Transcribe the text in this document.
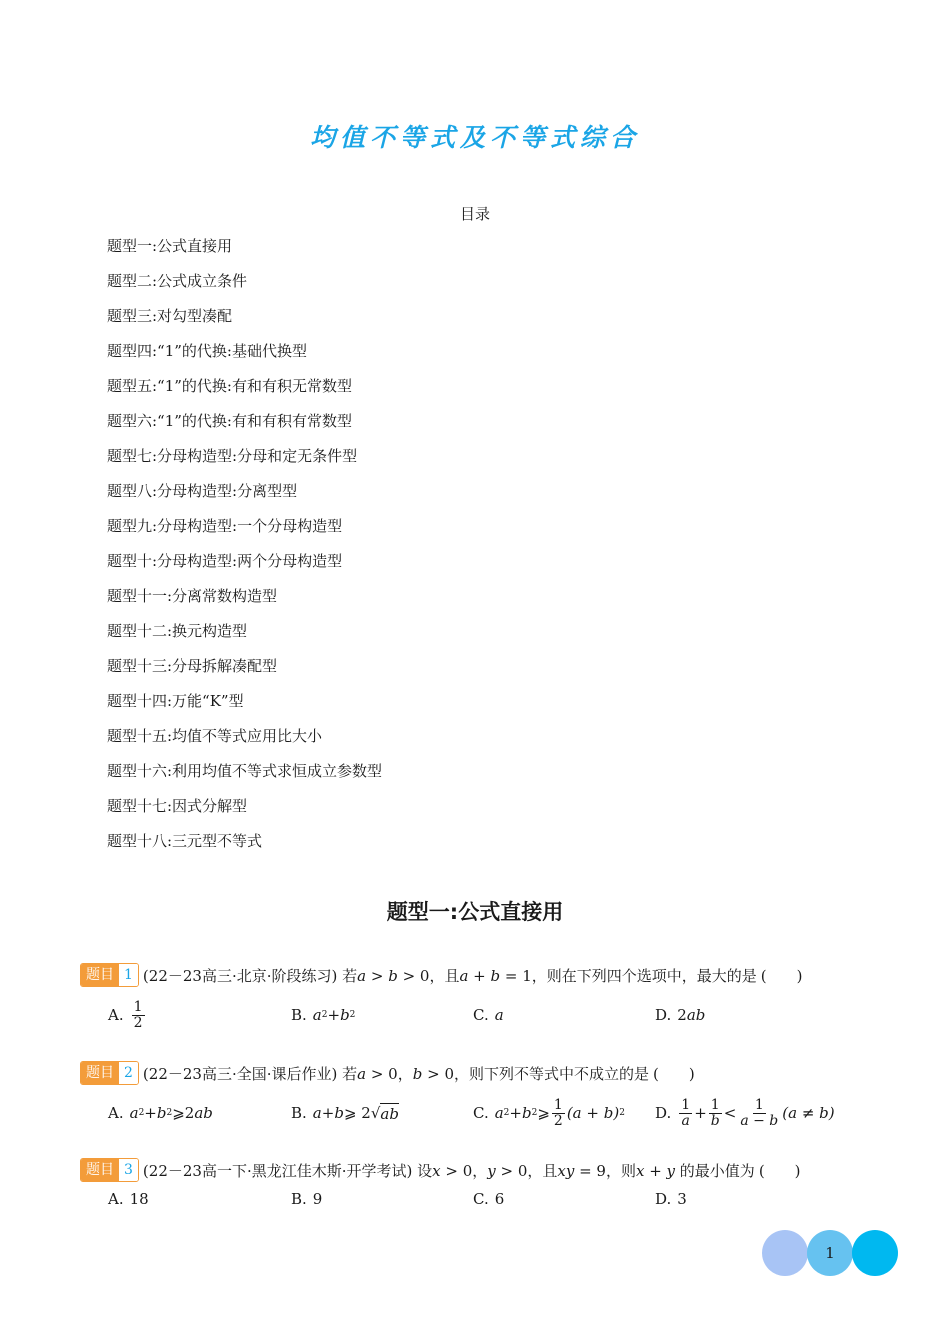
均值不等式及不等式综合
目录
题型一:公式直接用
题型二:公式成立条件
题型三:对勾型凑配
题型四:“1”的代换:基础代换型
题型五:“1”的代换:有和有积无常数型
题型六:“1”的代换:有和有积有常数型
题型七:分母构造型:分母和定无条件型
题型八:分母构造型:分离型型
题型九:分母构造型:一个分母构造型
题型十:分母构造型:两个分母构造型
题型十一:分离常数构造型
题型十二:换元构造型
题型十三:分母拆解凑配型
题型十四:万能“K”型
题型十五:均值不等式应用比大小
题型十六:利用均值不等式求恒成立参数型
题型十七:因式分解型
题型十八:三元型不等式
题型一:公式直接用
题目 1 (22－23高三·北京·阶段练习) 若a > b > 0，且a + b = 1，则在下列四个选项中，最大的是 (　　)
A. $\frac{1}{2}$	B. a 2 + b 2	C. a	D. 2 ab
题目 2 (22－23高三·全国·课后作业) 若a > 0，b > 0，则下列不等式中不成立的是 (　　)
A. a 2 + b 2 ⩾2 ab	B. a + b ⩾ 2 √ ab	C. a 2 + b 2 ⩾ $\frac{1}{2} (a + b)$ 2 D. $\frac{1}{a} + \frac{1}{b} < \frac{1}{a - b} (a \ne b)$
题目 3 (22－23高一下·黑龙江佳木斯·开学考试) 设x > 0，y > 0，且xy = 9，则x + y 的最小值为 (　　)
A. 18	B. 9	C. 6	D. 3
1
